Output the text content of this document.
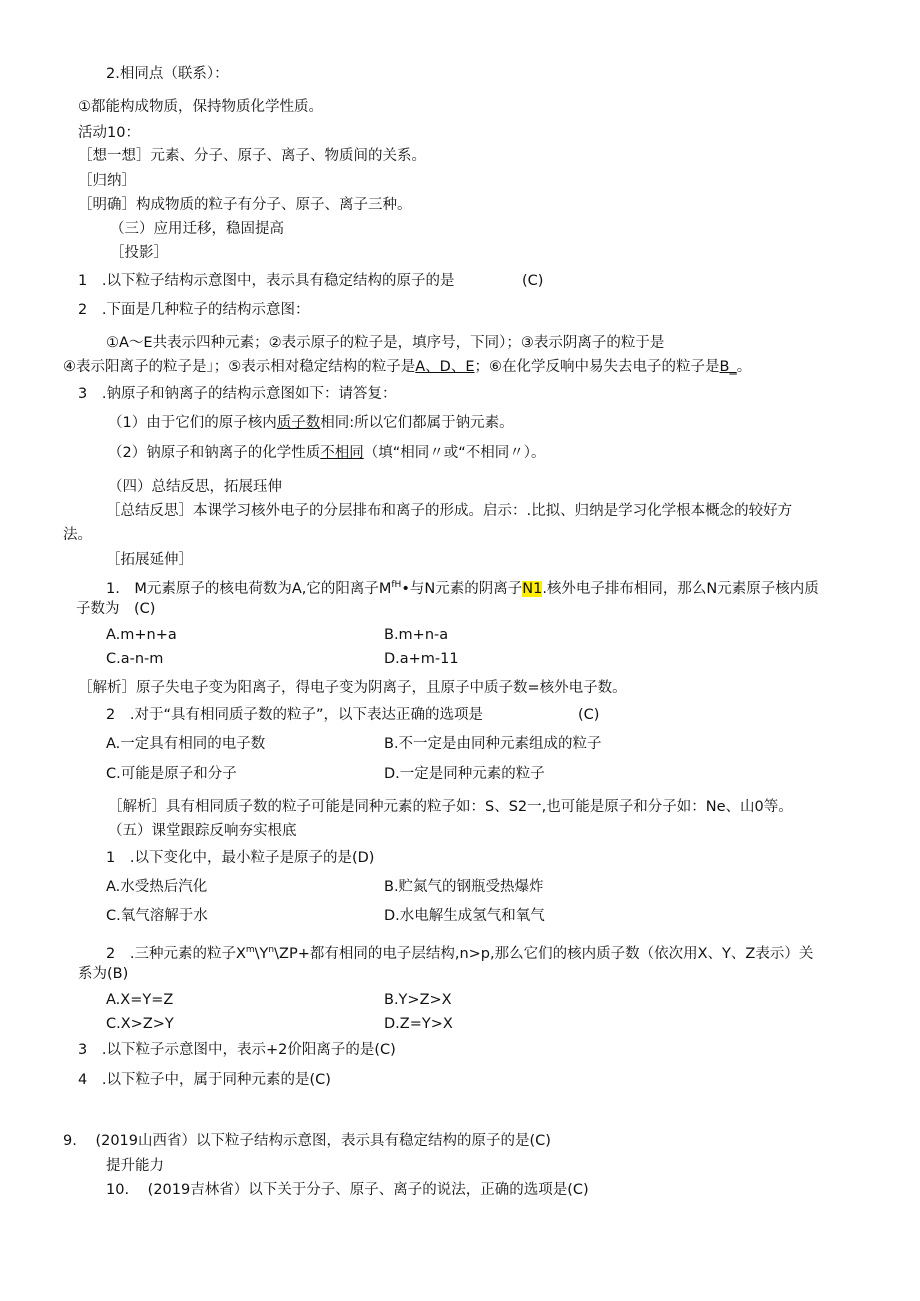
2.相同点（联系）：
①都能构成物质，保持物质化学性质。
活动10：
［想一想］元素、分子、原子、离子、物质间的关系。
［归纳］
［明确］构成物质的粒子有分子、原子、离子三种。
（三）应用迁移，稳固提高
［投影］
1 .以下粒子结构示意图中，表示具有稳定结构的原子的是	(C)
2 .下面是几种粒子的结构示意图：
①A～E共表示四种元素；②表示原子的粒子是，填序号，下同）；③表示阴离子的粒于是
④表示阳离子的粒子是」；⑤表示相对稳定结构的粒子是A、D、E；⑥在化学反响中易失去电子的粒子是B_。
3 .钠原子和钠离子的结构示意图如下：请答复：
（1）由于它们的原子核内质子数相同:所以它们都属于钠元素。
（2）钠原子和钠离子的化学性质不相同（填“相同〃或“不相同〃）。
（四）总结反思，拓展珏伸
［总结反思］本课学习核外电子的分层排布和离子的形成。启示：.比拟、归纳是学习化学根本概念的较好方
法。
［拓展延伸］
1.　M元素原子的核电荷数为A,它的阳离子$M^{fH}•$与N元素的阴离子N1.核外电子排布相同，那么N元素原子核内质
子数为　(C)
A.m+n+a	B.m+n-a
C.a-n-m	D.a+m-11
［解析］原子失电子变为阳离子，得电子变为阴离子，且原子中质子数=核外电子数。
2 .对于“具有相同质子数的粒子”，以下表达正确的选项是	(C)
A.一定具有相同的电子数	B.不一定是由同种元素组成的粒子
C.可能是原子和分子	D.一定是同种元素的粒子
［解析］具有相同质子数的粒子可能是同种元素的粒子如：S、S2一,也可能是原子和分子如：Ne、山0等。
（五）课堂跟踪反响夯实根底
1 .以下变化中，最小粒子是原子的是(D)
A.水受热后汽化	B.贮氮气的钢瓶受热爆炸
C.氧气溶解于水	D.水电解生成氢气和氧气
2 .三种元素的粒子$X^m\backslash Y^n\backslash ZP+$都有相同的电子层结构,n>p,那么它们的核内质子数（依次用X、Y、Z表示）关
系为(B)
A.X=Y=Z	B.Y>Z>X
C.X>Z>Y	D.Z=Y>X
3 .以下粒子示意图中，表示+2价阳离子的是(C)
4 .以下粒子中，属于同种元素的是(C)
9. (2019山西省）以下粒子结构示意图，表示具有稳定结构的原子的是(C)
提升能力
10. (2019吉林省）以下关于分子、原子、离子的说法，正确的选项是(C)
